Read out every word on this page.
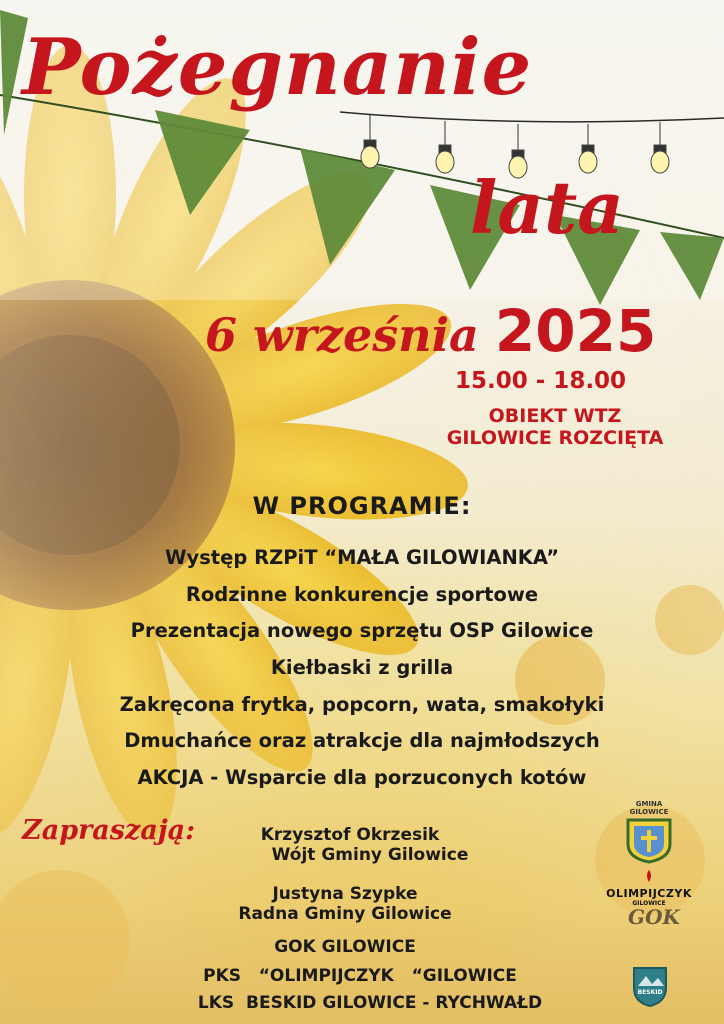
Pożegnanie
lata
6 września 2025
15.00 - 18.00
OBIEKT WTZ
GILOWICE ROZCIĘTA
W PROGRAMIE:
Występ RZPiT “MAŁA GILOWIANKA”
Rodzinne konkurencje sportowe
Prezentacja nowego sprzętu OSP Gilowice
Kiełbaski z grilla
Zakręcona frytka, popcorn, wata, smakołyki
Dmuchańce oraz atrakcje dla najmłodszych
AKCJA - Wsparcie dla porzuconych kotów
Zapraszają:	Krzysztof Okrzesik
Wójt Gminy Gilowice
Justyna Szypke
Radna Gminy Gilowice
GOK GILOWICE
PKS   “OLIMPIJCZYK   “GILOWICE
LKS  BESKID GILOWICE - RYCHWAŁD
GMINA
GILOWICE
OLIMPIJCZYK
GILOWICE
GOK
BESKID
